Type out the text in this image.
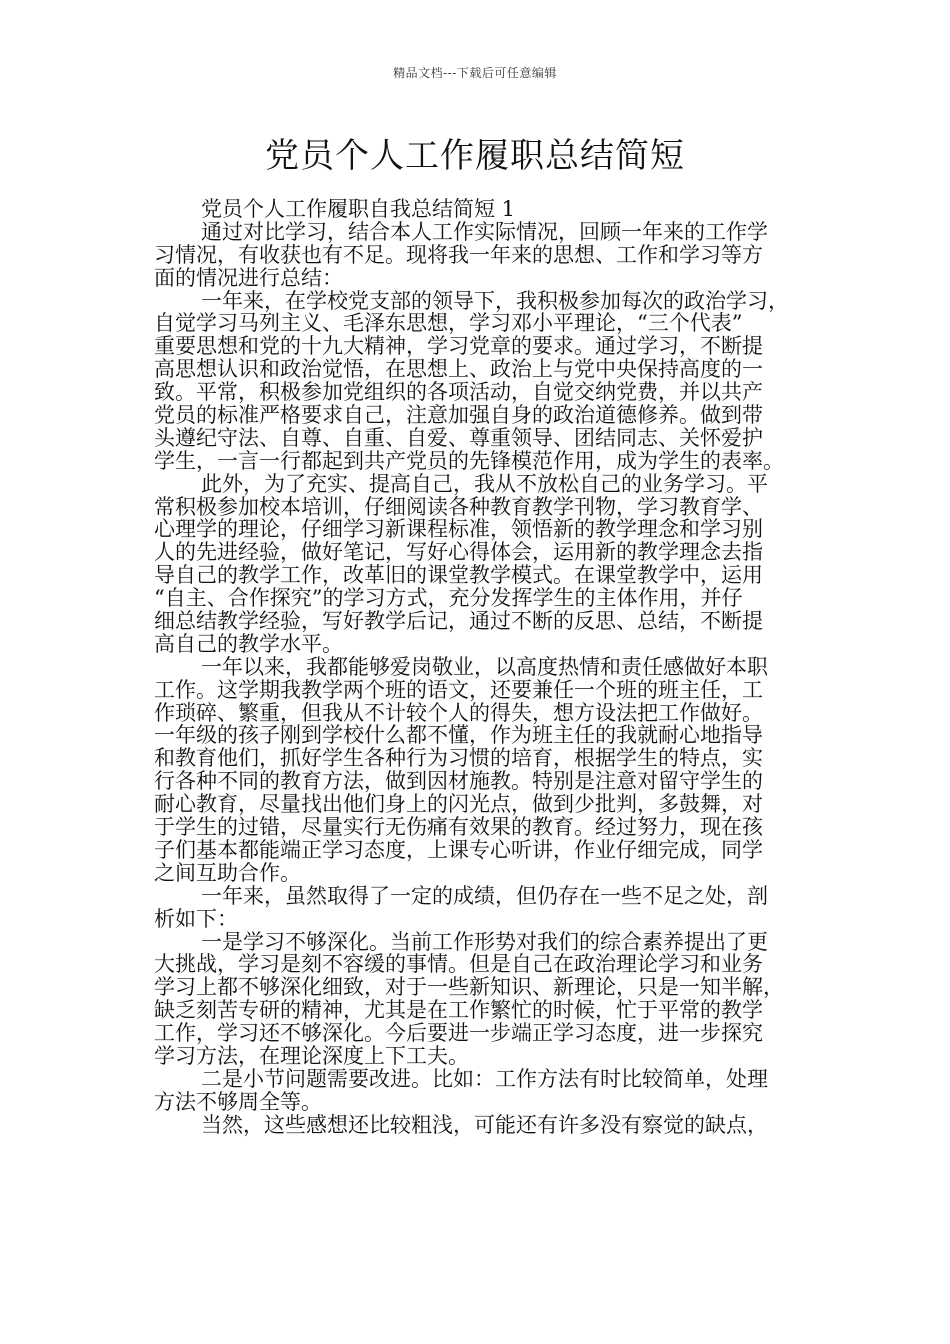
精品文档---下载后可任意编辑
党员个人工作履职总结简短
党员个人工作履职自我总结简短 1
通过对比学习，结合本人工作实际情况，回顾一年来的工作学
习情况，有收获也有不足。现将我一年来的思想、工作和学习等方
面的情况进行总结：
一年来，在学校党支部的领导下，我积极参加每次的政治学习，
自觉学习马列主义、毛泽东思想，学习邓小平理论，“三个代表”
重要思想和党的十九大精神，学习党章的要求。通过学习，不断提
高思想认识和政治觉悟，在思想上、政治上与党中央保持高度的一
致。平常，积极参加党组织的各项活动，自觉交纳党费，并以共产
党员的标准严格要求自己，注意加强自身的政治道德修养。做到带
头遵纪守法、自尊、自重、自爱、尊重领导、团结同志、关怀爱护
学生，一言一行都起到共产党员的先锋模范作用，成为学生的表率。
此外，为了充实、提高自己，我从不放松自己的业务学习。平
常积极参加校本培训，仔细阅读各种教育教学刊物，学习教育学、
心理学的理论，仔细学习新课程标准，领悟新的教学理念和学习别
人的先进经验，做好笔记，写好心得体会，运用新的教学理念去指
导自己的教学工作，改革旧的课堂教学模式。在课堂教学中，运用
“自主、合作探究”的学习方式，充分发挥学生的主体作用，并仔
细总结教学经验，写好教学后记，通过不断的反思、总结，不断提
高自己的教学水平。
一年以来，我都能够爱岗敬业，以高度热情和责任感做好本职
工作。这学期我教学两个班的语文，还要兼任一个班的班主任，工
作琐碎、繁重，但我从不计较个人的得失，想方设法把工作做好。
一年级的孩子刚到学校什么都不懂，作为班主任的我就耐心地指导
和教育他们，抓好学生各种行为习惯的培育，根据学生的特点，实
行各种不同的教育方法，做到因材施教。特别是注意对留守学生的
耐心教育，尽量找出他们身上的闪光点，做到少批判，多鼓舞，对
于学生的过错，尽量实行无伤痛有效果的教育。经过努力，现在孩
子们基本都能端正学习态度，上课专心听讲，作业仔细完成，同学
之间互助合作。
一年来，虽然取得了一定的成绩，但仍存在一些不足之处，剖
析如下：
一是学习不够深化。当前工作形势对我们的综合素养提出了更
大挑战，学习是刻不容缓的事情。但是自己在政治理论学习和业务
学习上都不够深化细致，对于一些新知识、新理论，只是一知半解，
缺乏刻苦专研的精神，尤其是在工作繁忙的时候，忙于平常的教学
工作，学习还不够深化。今后要进一步端正学习态度，进一步探究
学习方法，在理论深度上下工夫。
二是小节问题需要改进。比如：工作方法有时比较简单，处理
方法不够周全等。
当然，这些感想还比较粗浅，可能还有许多没有察觉的缺点，
